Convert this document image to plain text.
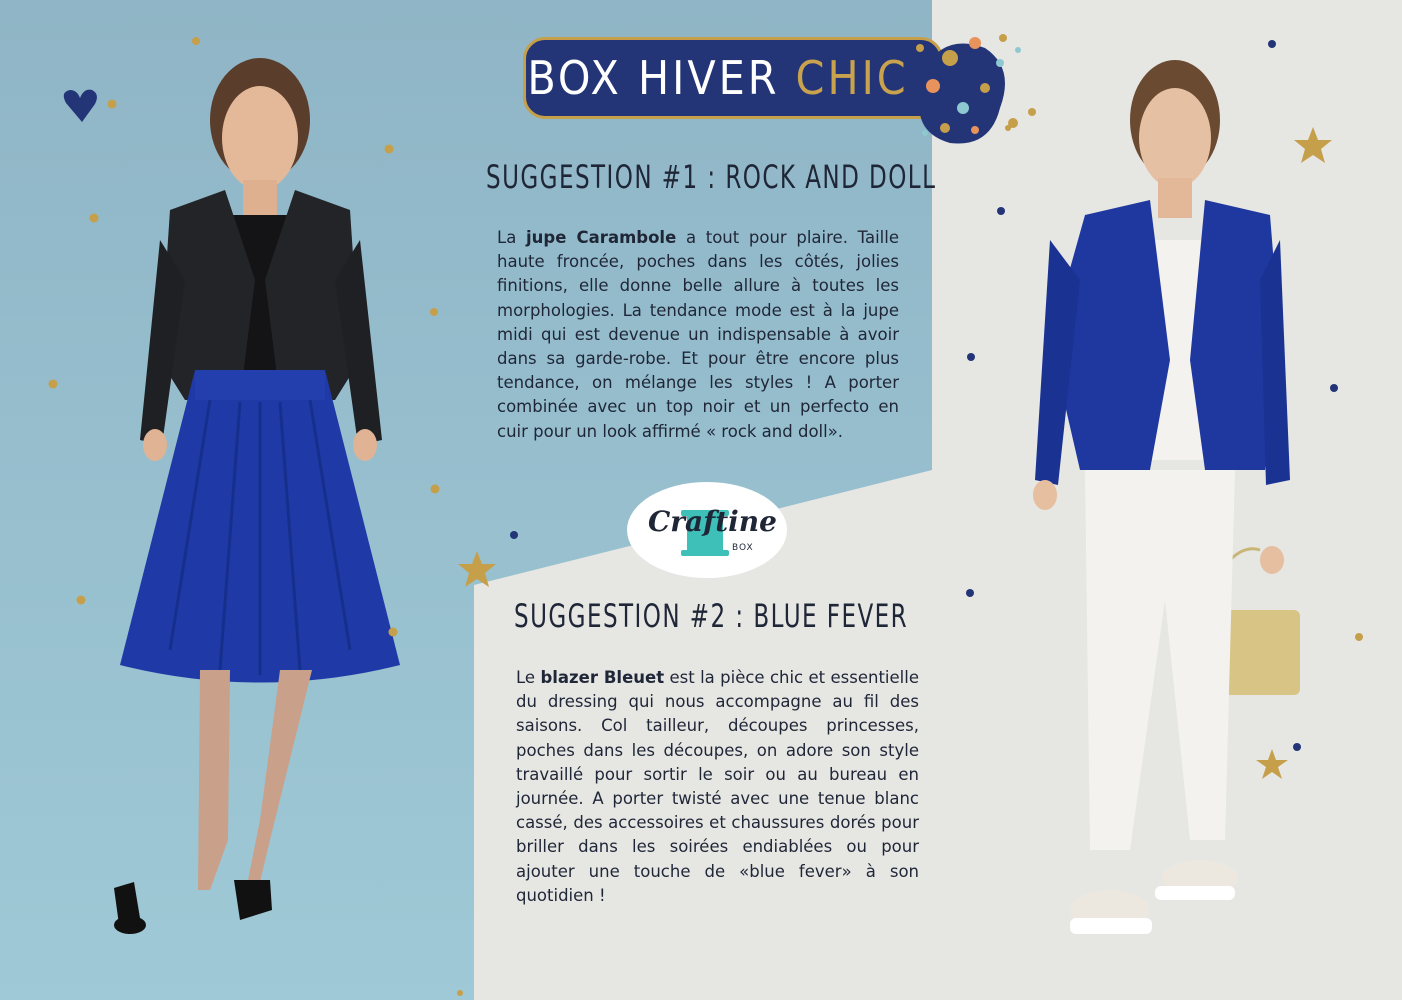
BOX HIVER CHIC
SUGGESTION #1 : ROCK AND DOLL
La jupe Carambole a tout pour plaire. Taille haute froncée, poches dans les côtés, jolies finitions, elle donne belle allure à toutes les morphologies. La tendance mode est à la jupe midi qui est devenue un indispensable à avoir dans sa garde-robe. Et pour être encore plus tendance, on mélange les styles ! A porter combinée avec un top noir et un perfecto en cuir pour un look affirmé « rock and doll».
Craftine
BOX
SUGGESTION #2 : BLUE FEVER
Le blazer Bleuet est la pièce chic et essentielle du dressing qui nous accompagne au fil des saisons. Col tailleur, découpes princesses, poches dans les découpes, on adore son style travaillé pour sortir le soir ou au bureau en journée. A porter twisté avec une tenue blanc cassé, des accessoires et chaussures dorés pour briller dans les soirées endiablées ou pour ajouter une touche de «blue fever» à son quotidien !
